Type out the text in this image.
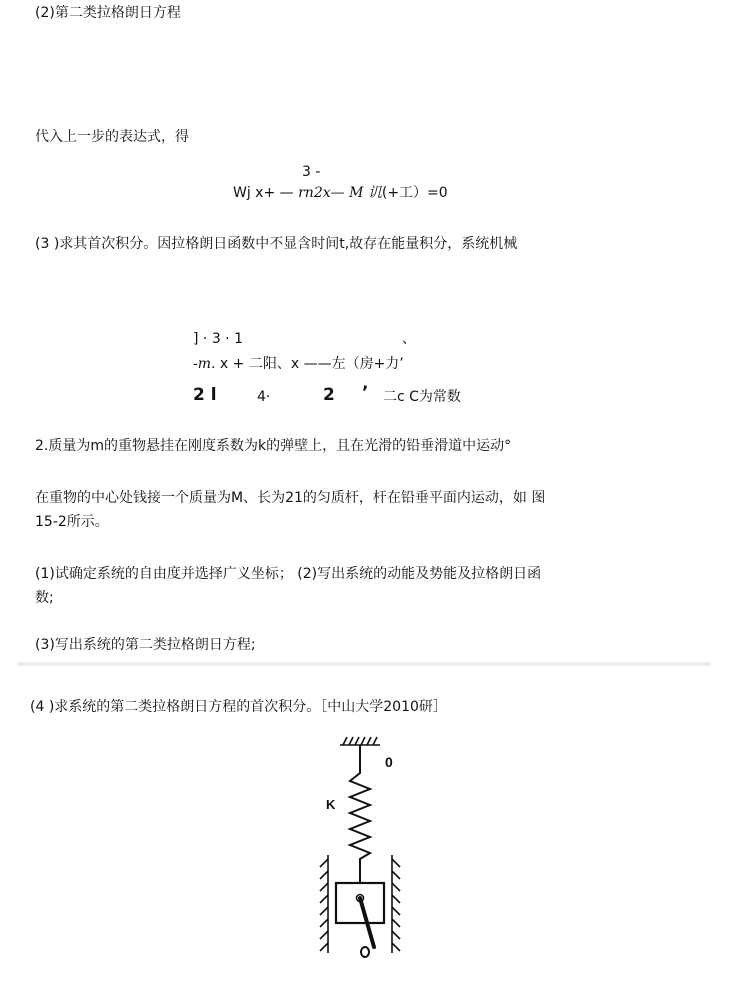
(2)第二类拉格朗日方程
代入上一步的表达式，得
3 -
Wj x+ — rn2x— M 讥(+工）=0
(3 )求其首次积分。因拉格朗日函数中不显含时间t,故存在能量积分，系统机械
] · 3 · 1	、
-m. x + 二阳、x ——左（房+力’
2 l	4·	2 ’ 二c C为常数
2.质量为m的重物悬挂在刚度系数为k的弹壁上，且在光滑的铅垂滑道中运动°
在重物的中心处钱接一个质量为M、长为21的匀质杆，杆在铅垂平面内运动，如 图
15-2所示。
(1)试确定系统的自由度并选择广义坐标； (2)写出系统的动能及势能及拉格朗日函
数;
(3)写出系统的第二类拉格朗日方程;
(4 )求系统的第二类拉格朗日方程的首次积分。［中山大学2010研］
0
K
